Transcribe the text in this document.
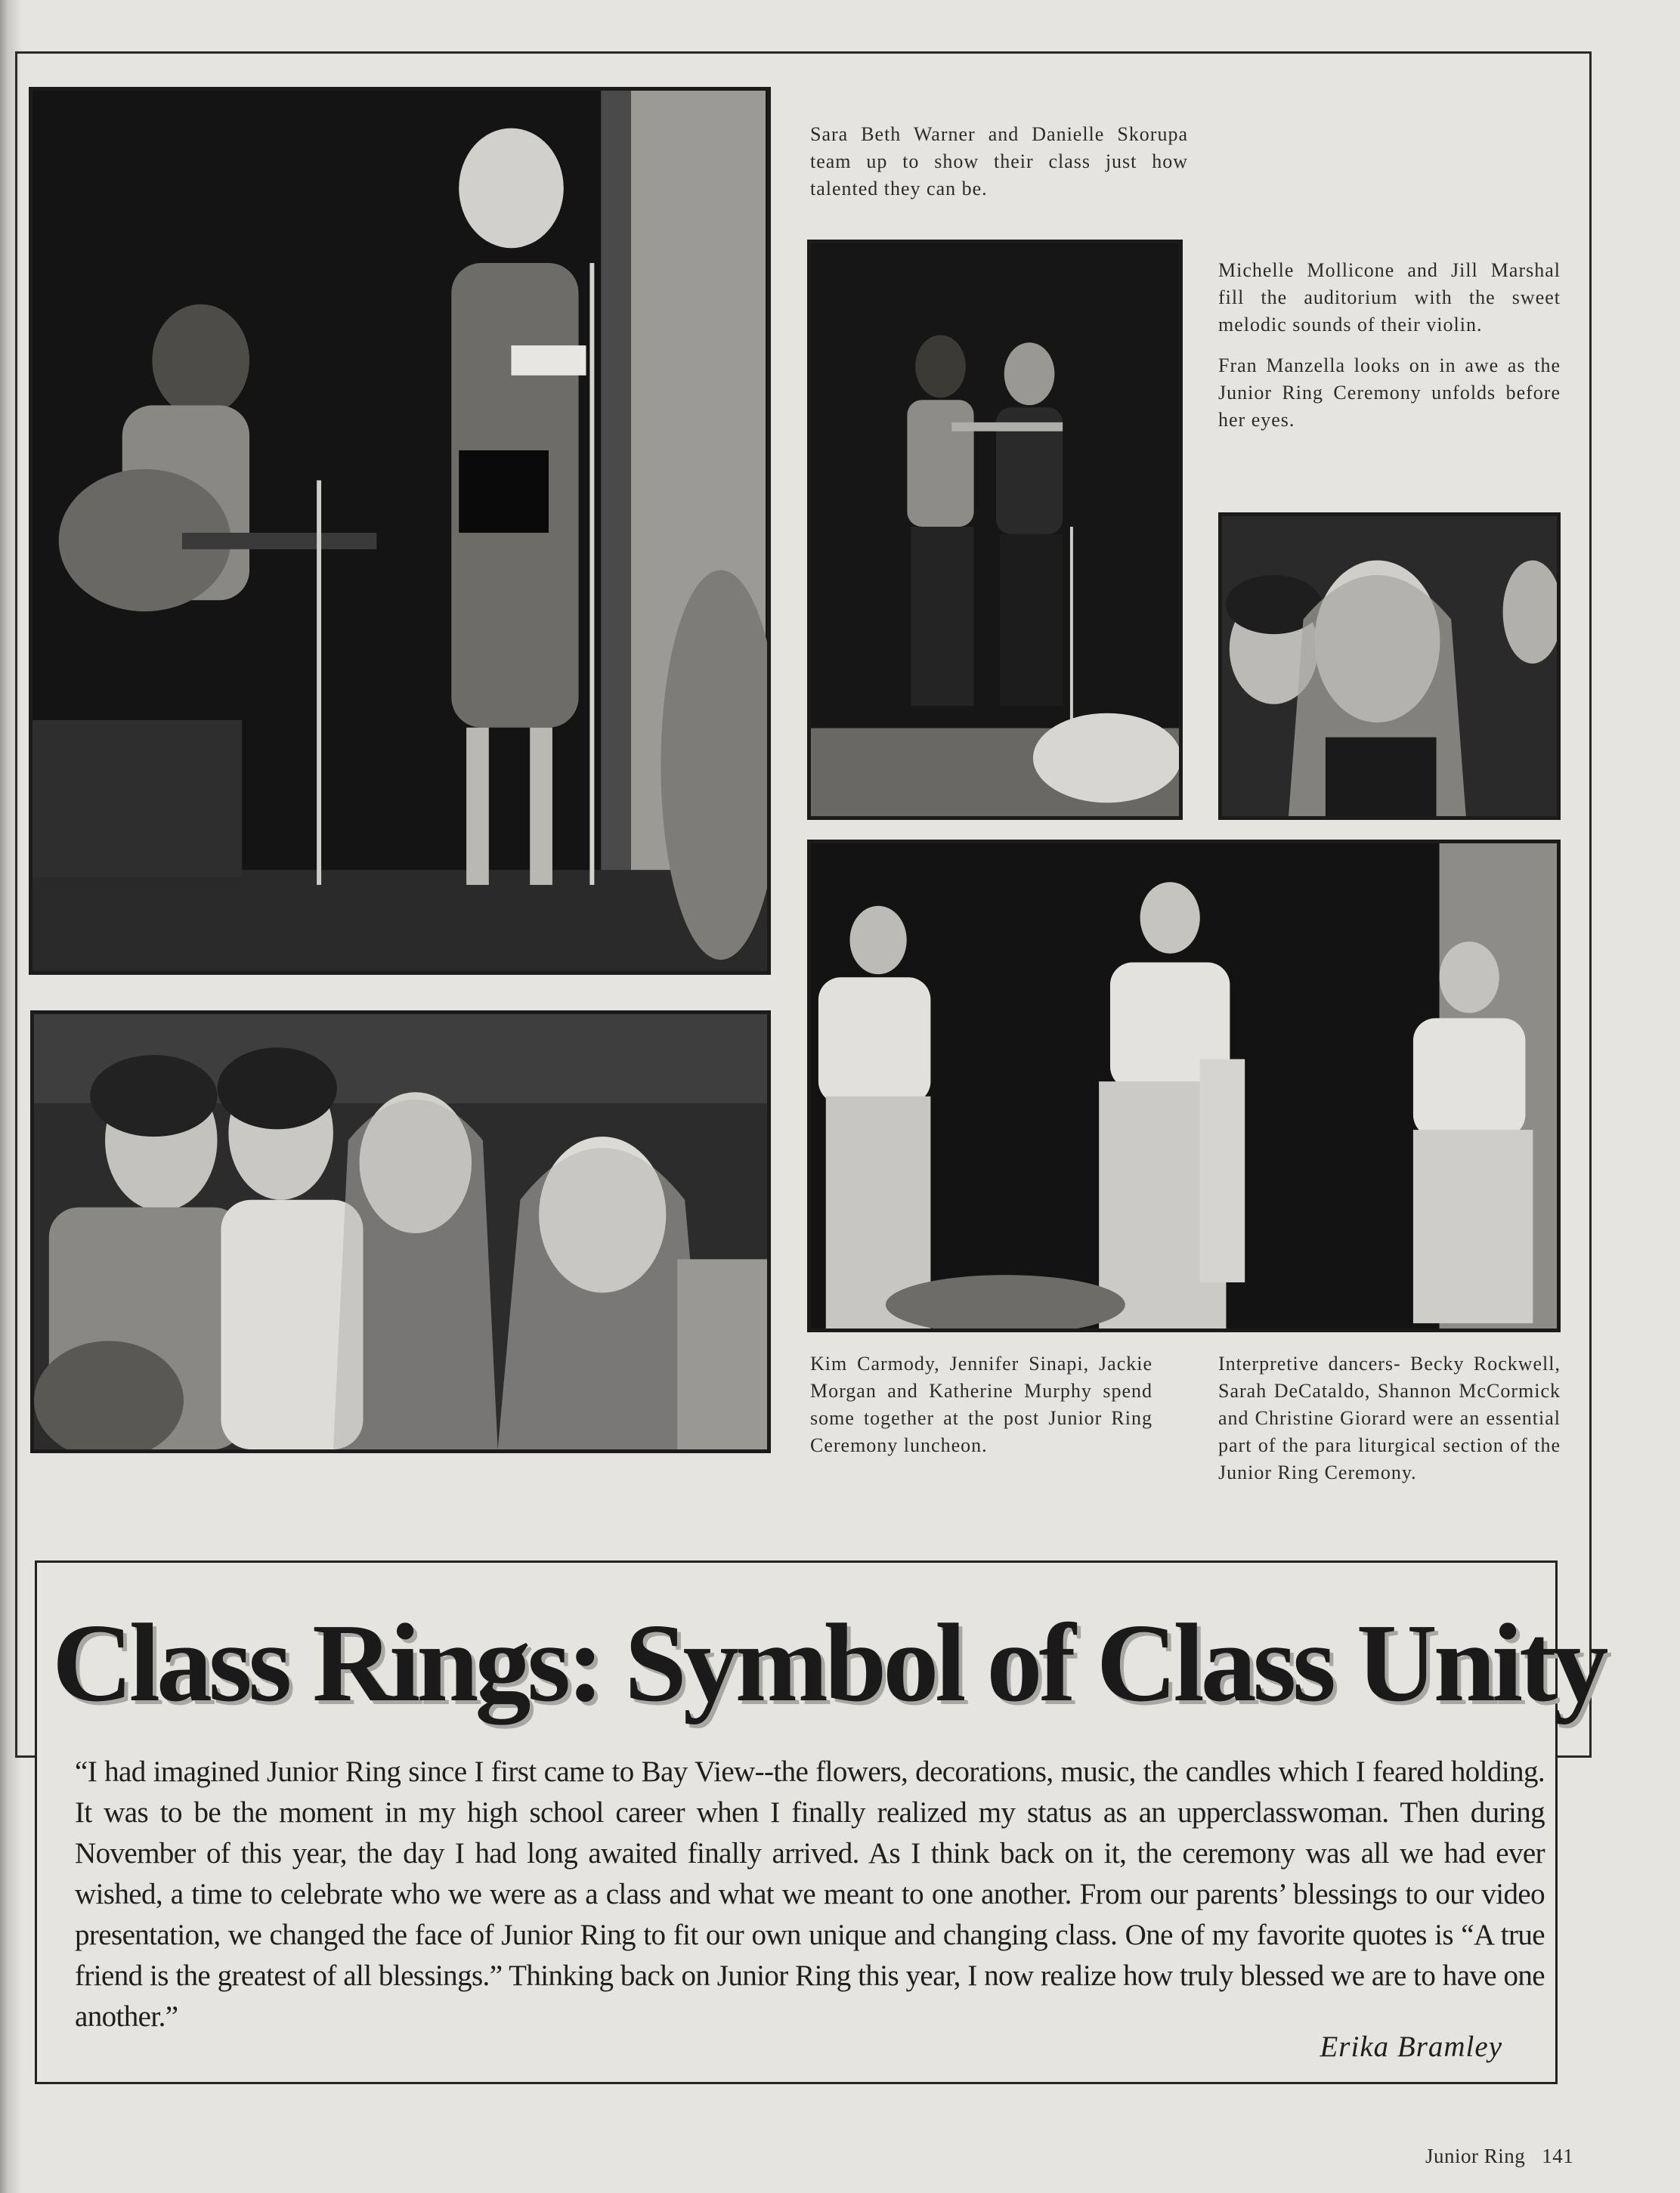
Sara Beth Warner and Danielle Skorupa team up to show their class just how talented they can be.

Michelle Mollicone and Jill Marshal fill the auditorium with the sweet melodic sounds of their violin.

Fran Manzella looks on in awe as the Junior Ring Ceremony unfolds before her eyes.

Kim Carmody, Jennifer Sinapi, Jackie Morgan and Katherine Murphy spend some together at the post Junior Ring Ceremony luncheon.

Interpretive dancers- Becky Rockwell, Sarah DeCataldo, Shannon McCormick and Christine Giorard were an essential part of the para liturgical section of the Junior Ring Ceremony.

Class Rings: Symbol of Class Unity

“I had imagined Junior Ring since I first came to Bay View--the flowers, decorations, music, the candles which I feared holding. It was to be the moment in my high school career when I finally realized my status as an upperclasswoman. Then during November of this year, the day I had long awaited finally arrived. As I think back on it, the ceremony was all we had ever wished, a time to celebrate who we were as a class and what we meant to one another. From our parents’ blessings to our video presentation, we changed the face of Junior Ring to fit our own unique and changing class. One of my favorite quotes is “A true friend is the greatest of all blessings.” Thinking back on Junior Ring this year, I now realize how truly blessed we are to have one another.”

Erika Bramley

Junior Ring 141
